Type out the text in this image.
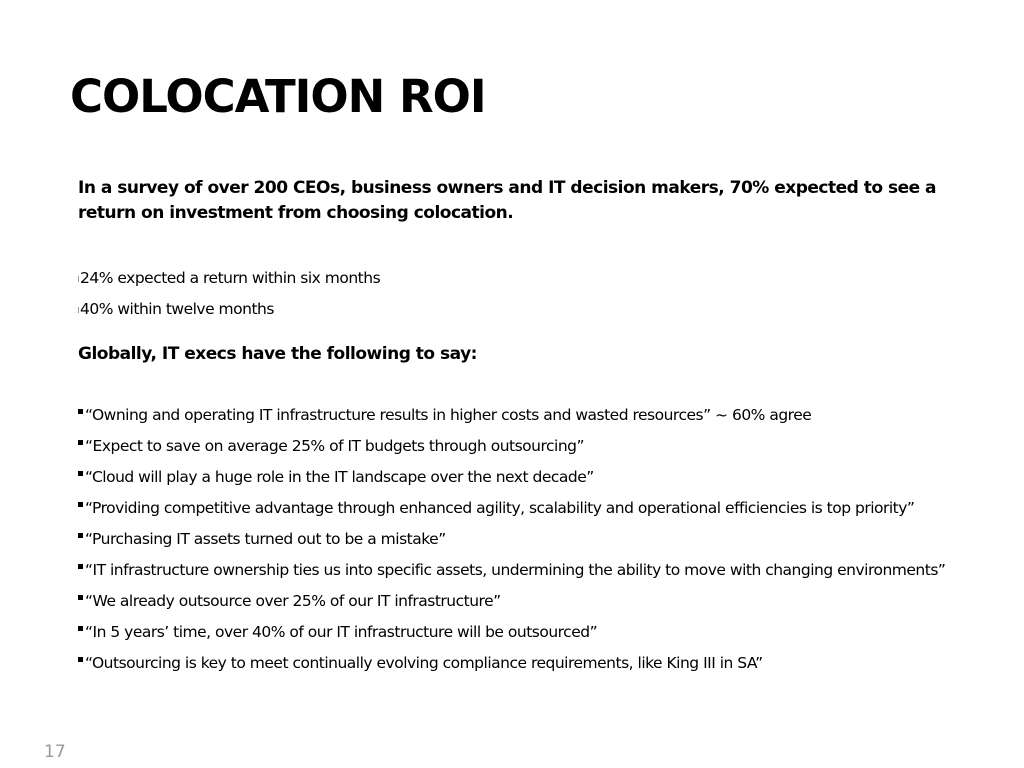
COLOCATION ROI

In a survey of over 200 CEOs, business owners and IT decision makers, 70% expected to see a return on investment from choosing colocation.

24% expected a return within six months
40% within twelve months
Globally, IT execs have the following to say:
“Owning and operating IT infrastructure results in higher costs and wasted resources” ~ 60% agree
“Expect to save on average 25% of IT budgets through outsourcing”
“Cloud will play a huge role in the IT landscape over the next decade”
“Providing competitive advantage through enhanced agility, scalability and operational efficiencies is top priority”
“Purchasing IT assets turned out to be a mistake”
“IT infrastructure ownership ties us into specific assets, undermining the ability to move with changing environments”
“We already outsource over 25% of our IT infrastructure”
“In 5 years’ time, over 40% of our IT infrastructure will be outsourced”
“Outsourcing is key to meet continually evolving compliance requirements, like King III in SA”
17
